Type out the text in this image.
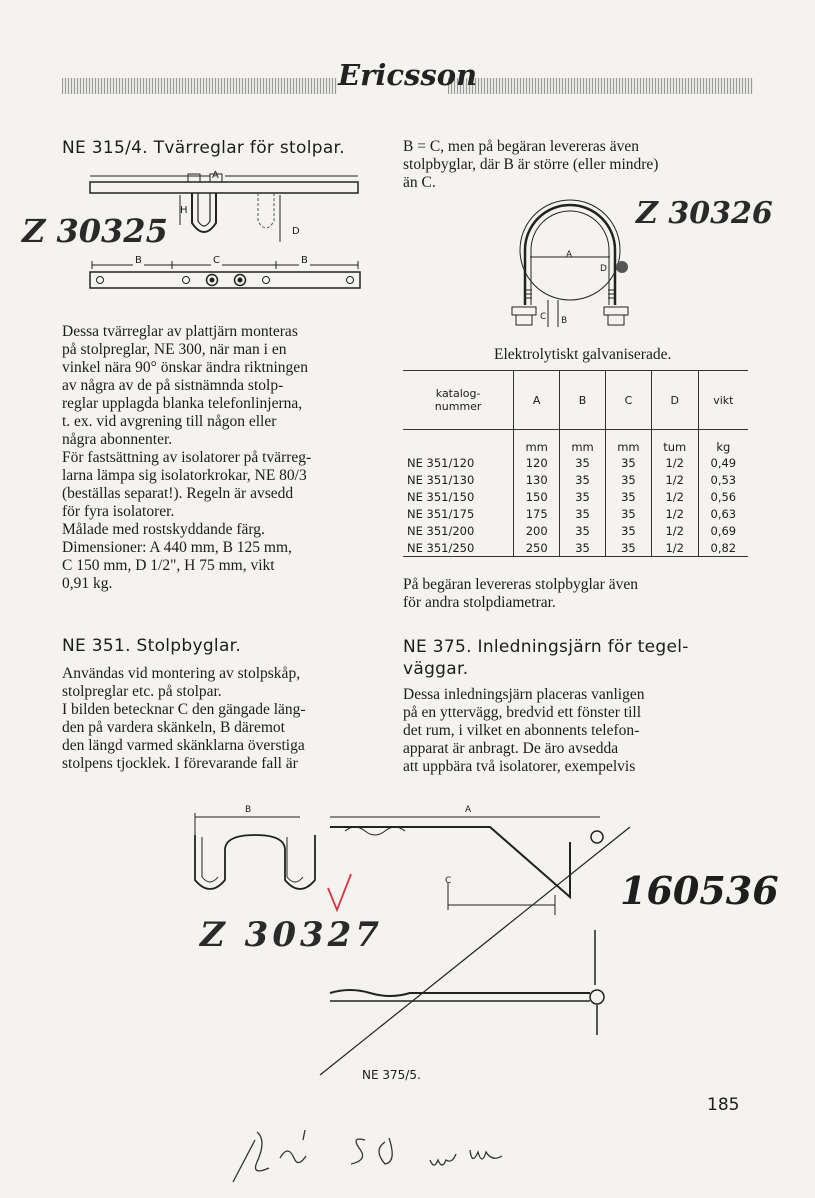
Ericsson
NE 315/4. Tvärreglar för stolpar.
A
H
D
Z 30325
B	C	B
Dessa tvärreglar av plattjärn monteras
på stolpreglar, NE 300, när man i en
vinkel nära 90° önskar ändra riktningen
av några av de på sistnämnda stolp-
reglar upplagda blanka telefonlinjerna,
t. ex. vid avgrening till någon eller
några abonnenter.
För fastsättning av isolatorer på tvärreg-
larna lämpa sig isolatorkrokar, NE 80/3
(beställas separat!). Regeln är avsedd
för fyra isolatorer.
Målade med rostskyddande färg.
Dimensioner: A 440 mm, B 125 mm,
C 150 mm, D 1/2", H 75 mm, vikt
0,91 kg.
NE 351. Stolpbyglar.
Användas vid montering av stolpskåp,
stolpreglar etc. på stolpar.
I bilden betecknar C den gängade läng-
den på vardera skänkeln, B däremot
den längd varmed skänklarna överstiga
stolpens tjocklek. I förevarande fall är
B = C, men på begäran levereras även
stolpbyglar, där B är större (eller mindre)
än C.
A
D
C B
Z 30326
Elektrolytiskt galvaniserade.
katalog-
nummer	A	B	C	D	vikt
	mm	mm	mm	tum	kg
NE 351/120	120	35	35	1/2	0,49
NE 351/130	130	35	35	1/2	0,53
NE 351/150	150	35	35	1/2	0,56
NE 351/175	175	35	35	1/2	0,63
NE 351/200	200	35	35	1/2	0,69
NE 351/250	250	35	35	1/2	0,82
På begäran levereras stolpbyglar även
för andra stolpdiametrar.
NE 375. Inledningsjärn för tegel-
väggar.
Dessa inledningsjärn placeras vanligen
på en yttervägg, bredvid ett fönster till
det rum, i vilket en abonnents telefon-
apparat är anbragt. De äro avsedda
att uppbära två isolatorer, exempelvis
B	A
C
NE 375/5.
Z 30327
160536
185
